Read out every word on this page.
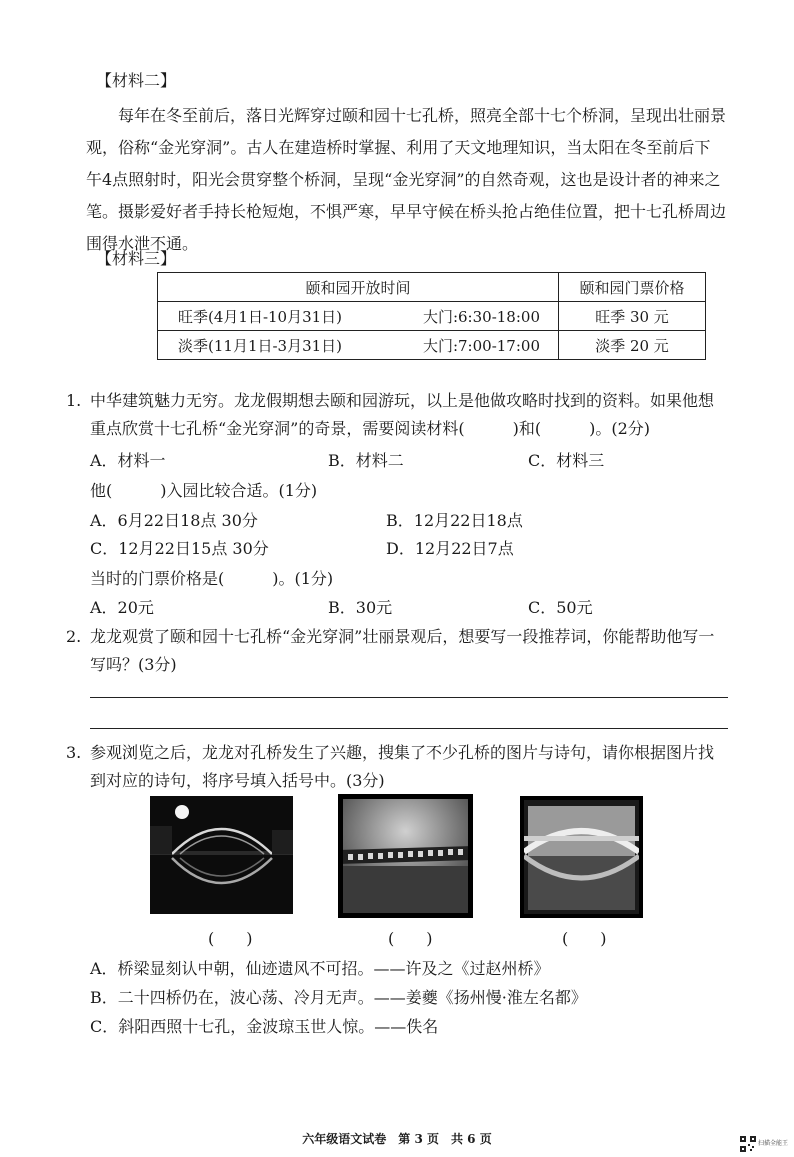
【材料二】
每年在冬至前后，落日光辉穿过颐和园十七孔桥，照亮全部十七个桥洞，呈现出壮丽景观，俗称“金光穿洞”。古人在建造桥时掌握、利用了天文地理知识，当太阳在冬至前后下午4点照射时，阳光会贯穿整个桥洞，呈现“金光穿洞”的自然奇观，这也是设计者的神来之笔。摄影爱好者手持长枪短炮，不惧严寒，早早守候在桥头抢占绝佳位置，把十七孔桥周边围得水泄不通。
【材料三】
颐和园开放时间	颐和园门票价格

旺季(4月1日-10月31日) 大门:6:30-18:00	旺季 30 元

淡季(11月1日-3月31日) 大门:7:00-17:00	淡季 20 元
1. 中华建筑魅力无穷。龙龙假期想去颐和园游玩，以上是他做攻略时找到的资料。如果他想
重点欣赏十七孔桥“金光穿洞”的奇景，需要阅读材料(　　　)和(　　　)。(2分)
A．材料一	B．材料二	C．材料三
他(　　　)入园比较合适。(1分)
A．6月22日18点 30分	B．12月22日18点
C．12月22日15点 30分	D．12月22日7点
当时的门票价格是(　　　)。(1分)
A．20元	B．30元	C．50元
2. 龙龙观赏了颐和园十七孔桥“金光穿洞”壮丽景观后，想要写一段推荐词，你能帮助他写一
写吗？(3分)
3. 参观浏览之后，龙龙对孔桥发生了兴趣，搜集了不少孔桥的图片与诗句，请你根据图片找
到对应的诗句，将序号填入括号中。(3分)
(　　)	(　　)	(　　)
A．桥梁显刻认中朝，仙迹遗风不可招。——许及之《过赵州桥》
B．二十四桥仍在，波心荡、冷月无声。——姜夔《扬州慢·淮左名都》
C．斜阳西照十七孔，金波琼玉世人惊。——佚名
六年级语文试卷　第 3 页　共 6 页	扫描全能王
